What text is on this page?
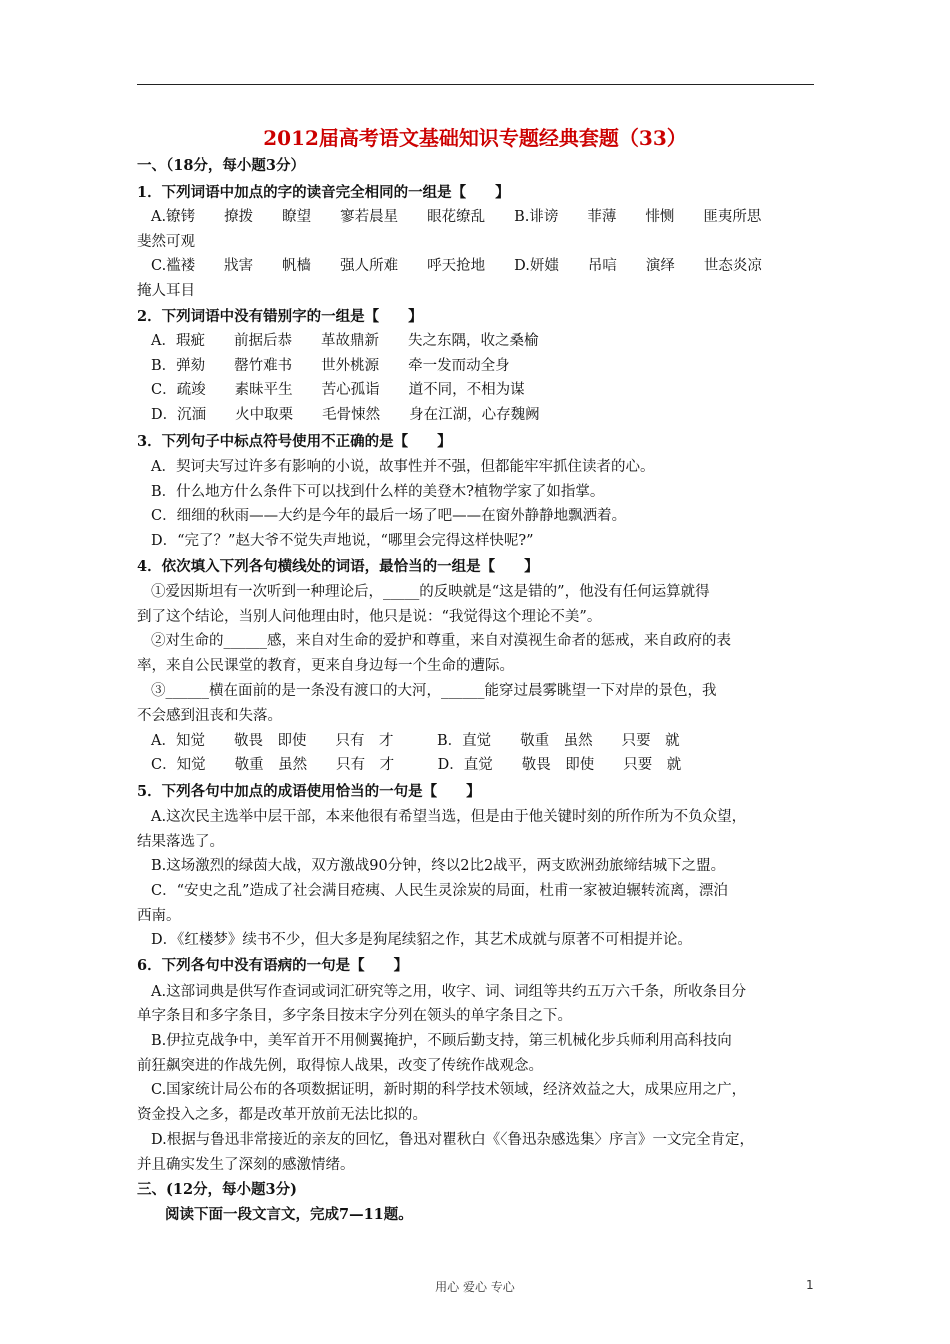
2012届高考语文基础知识专题经典套题（33）
一、（18分，每小题3分）
1．下列词语中加点的字的读音完全相同的一组是【　　】
A.镣铐　　撩拨　　瞭望　　寥若晨星　　眼花缭乱　　B.诽谤　　菲薄　　悱恻　　匪夷所思
斐然可观
C.褴褛　　戕害　　帆樯　　强人所难　　呼天抢地　　D.妍媸　　吊唁　　演绎　　世态炎凉
掩人耳目
2．下列词语中没有错别字的一组是【　　】
A．瑕疵　　前据后恭　　革故鼎新　　失之东隅，收之桑榆
B．弹劾　　罄竹难书　　世外桃源　　牵一发而动全身
C．疏竣　　素昧平生　　苦心孤诣　　道不同，不相为谋
D．沉湎　　火中取栗　　毛骨悚然　　身在江湖，心存魏阙
3．下列句子中标点符号使用不正确的是【　　】
A．契诃夫写过许多有影响的小说，故事性并不强，但都能牢牢抓住读者的心。
B．什么地方什么条件下可以找到什么样的美登木?植物学家了如指掌。
C．细细的秋雨——大约是今年的最后一场了吧——在窗外静静地飘洒着。
D．“完了？”赵大爷不觉失声地说，“哪里会完得这样快呢?”
4．依次填入下列各句横线处的词语，最恰当的一组是【　　】
①爱因斯坦有一次听到一种理论后，_____的反映就是“这是错的”，他没有任何运算就得
到了这个结论，当别人问他理由时，他只是说：“我觉得这个理论不美”。
②对生命的______感，来自对生命的爱护和尊重，来自对漠视生命者的惩戒，来自政府的表
率，来自公民课堂的教育，更来自身边每一个生命的遭际。
③______横在面前的是一条没有渡口的大河，______能穿过晨雾眺望一下对岸的景色，我
不会感到沮丧和失落。
A．知觉　　敬畏　即使　　只有　才　　　B．直觉　　敬重　虽然　　只要　就
C．知觉　　敬重　虽然　　只有　才　　　D．直觉　　敬畏　即使　　只要　就
5．下列各句中加点的成语使用恰当的一句是【　　】
A.这次民主选举中层干部，本来他很有希望当选，但是由于他关键时刻的所作所为不负众望，
结果落选了。
B.这场激烈的绿茵大战，双方激战90分钟，终以2比2战平，两支欧洲劲旅缔结城下之盟。
C．“安史之乱”造成了社会满目疮痍、人民生灵涂炭的局面，杜甫一家被迫辗转流离，漂泊
西南。
D．《红楼梦》续书不少，但大多是狗尾续貂之作，其艺术成就与原著不可相提并论。
6．下列各句中没有语病的一句是【　　】
A.这部词典是供写作查词或词汇研究等之用，收字、词、词组等共约五万六千条，所收条目分
单字条目和多字条目，多字条目按末字分列在领头的单字条目之下。
B.伊拉克战争中，美军首开不用侧翼掩护，不顾后勤支持，第三机械化步兵师利用高科技向
前狂飙突进的作战先例，取得惊人战果，改变了传统作战观念。
C.国家统计局公布的各项数据证明，新时期的科学技术领域，经济效益之大，成果应用之广，
资金投入之多，都是改革开放前无法比拟的。
D.根据与鲁迅非常接近的亲友的回忆，鲁迅对瞿秋白《〈鲁迅杂感选集〉序言》一文完全肯定，
并且确实发生了深刻的感激情绪。
三、(12分，每小题3分)
阅读下面一段文言文，完成7—11题。
用心 爱心 专心	1
